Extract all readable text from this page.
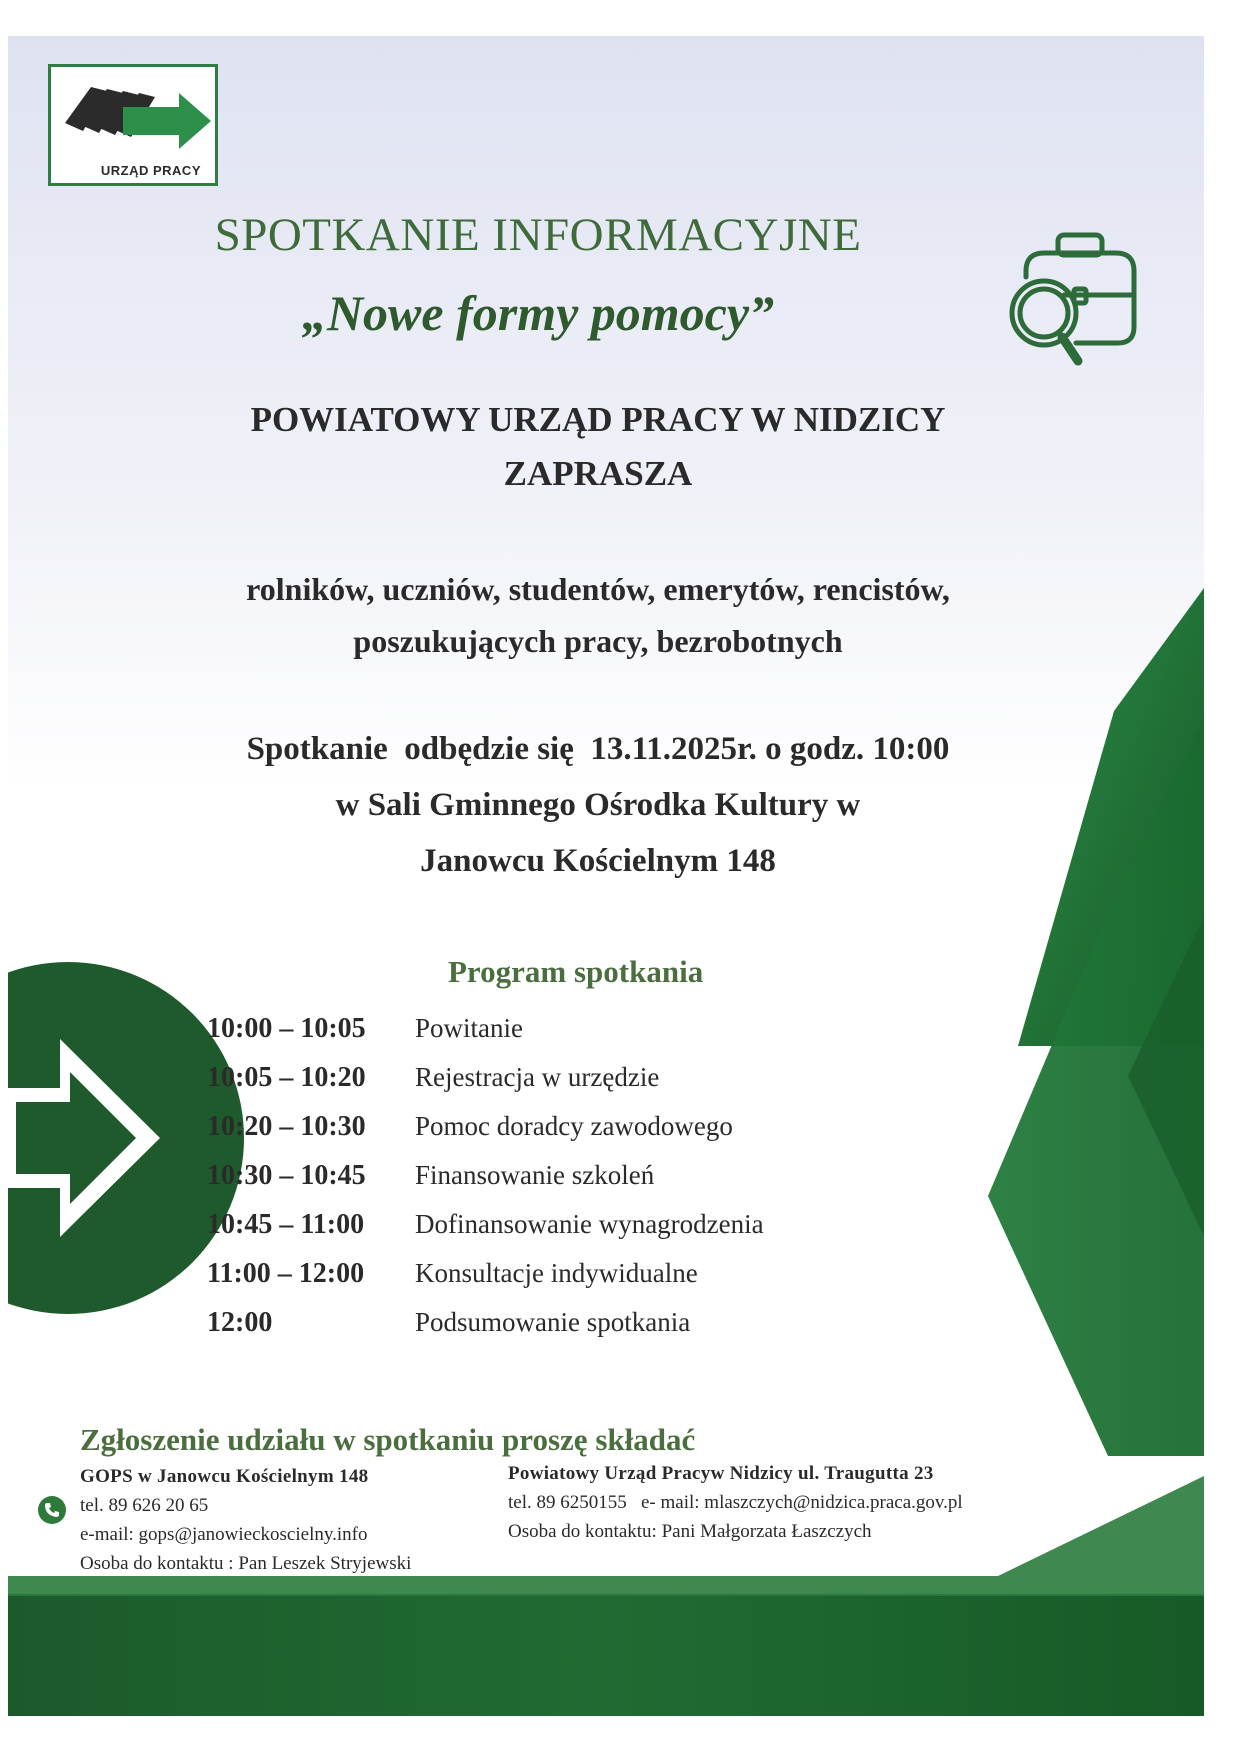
URZĄD PRACY
SPOTKANIE INFORMACYJNE
„Nowe formy pomocy”
POWIATOWY URZĄD PRACY W NIDZICY
ZAPRASZA
rolników, uczniów, studentów, emerytów, rencistów,
poszukujących pracy, bezrobotnych
Spotkanie  odbędzie się  13.11.2025r. o godz. 10:00
w Sali Gminnego Ośrodka Kultury w
Janowcu Kościelnym 148
Program spotkania
10:00 – 10:05	Powitanie
10:05 – 10:20	Rejestracja w urzędzie
10:20 – 10:30	Pomoc doradcy zawodowego
10:30 – 10:45	Finansowanie szkoleń
10:45 – 11:00	Dofinansowanie wynagrodzenia
11:00 – 12:00	Konsultacje indywidualne
12:00	Podsumowanie spotkania
Zgłoszenie udziału w spotkaniu proszę składać
GOPS w Janowcu Kościelnym 148
tel. 89 626 20 65
e-mail: gops@janowieckoscielny.info
Osoba do kontaktu : Pan Leszek Stryjewski
Powiatowy Urząd Pracyw Nidzicy ul. Traugutta 23
tel. 89 6250155   e- mail: mlaszczych@nidzica.praca.gov.pl
Osoba do kontaktu: Pani Małgorzata Łaszczych
